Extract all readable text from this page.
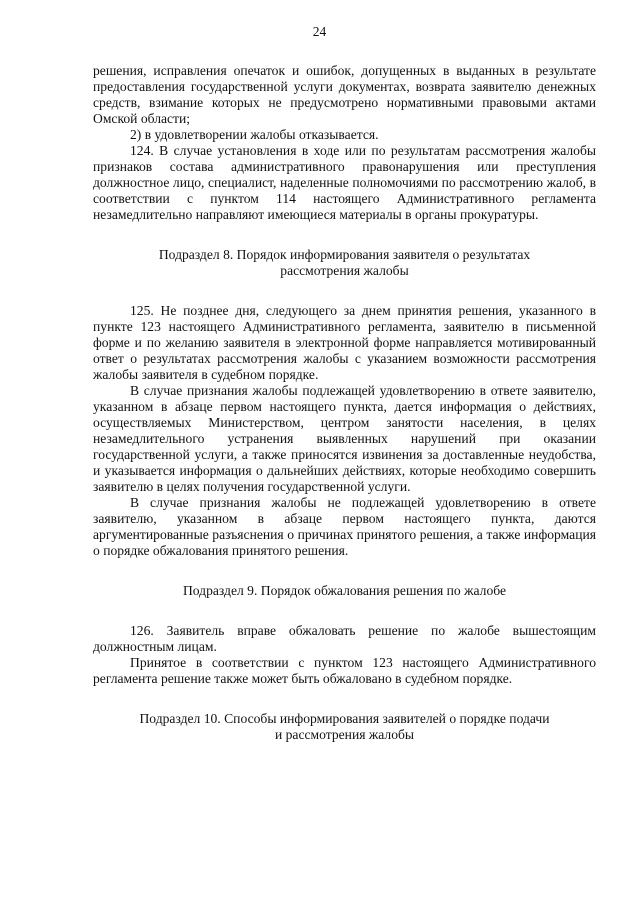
24

решения, исправления опечаток и ошибок, допущенных в выданных в результате предоставления государственной услуги документах, возврата заявителю денежных средств, взимание которых не предусмотрено нормативными правовыми актами Омской области;

2) в удовлетворении жалобы отказывается.

124. В случае установления в ходе или по результатам рассмотрения жалобы признаков состава административного правонарушения или преступления должностное лицо, специалист, наделенные полномочиями по рассмотрению жалоб, в соответствии с пунктом 114 настоящего Административного регламента незамедлительно направляют имеющиеся материалы в органы прокуратуры.

Подраздел 8. Порядок информирования заявителя о результатах
рассмотрения жалобы

125. Не позднее дня, следующего за днем принятия решения, указанного в пункте 123 настоящего Административного регламента, заявителю в письменной форме и по желанию заявителя в электронной форме направляется мотивированный ответ о результатах рассмотрения жалобы с указанием возможности рассмотрения жалобы заявителя в судебном порядке.

В случае признания жалобы подлежащей удовлетворению в ответе заявителю, указанном в абзаце первом настоящего пункта, дается информация о действиях, осуществляемых Министерством, центром занятости населения, в целях незамедлительного устранения выявленных нарушений при оказании государственной услуги, а также приносятся извинения за доставленные неудобства, и указывается информация о дальнейших действиях, которые необходимо совершить заявителю в целях получения государственной услуги.

В случае признания жалобы не подлежащей удовлетворению в ответе заявителю, указанном в абзаце первом настоящего пункта, даются аргументированные разъяснения о причинах принятого решения, а также информация о порядке обжалования принятого решения.

Подраздел 9. Порядок обжалования решения по жалобе

126. Заявитель вправе обжаловать решение по жалобе вышестоящим должностным лицам.

Принятое в соответствии с пунктом 123 настоящего Административного регламента решение также может быть обжаловано в судебном порядке.

Подраздел 10. Способы информирования заявителей о порядке подачи
и рассмотрения жалобы
